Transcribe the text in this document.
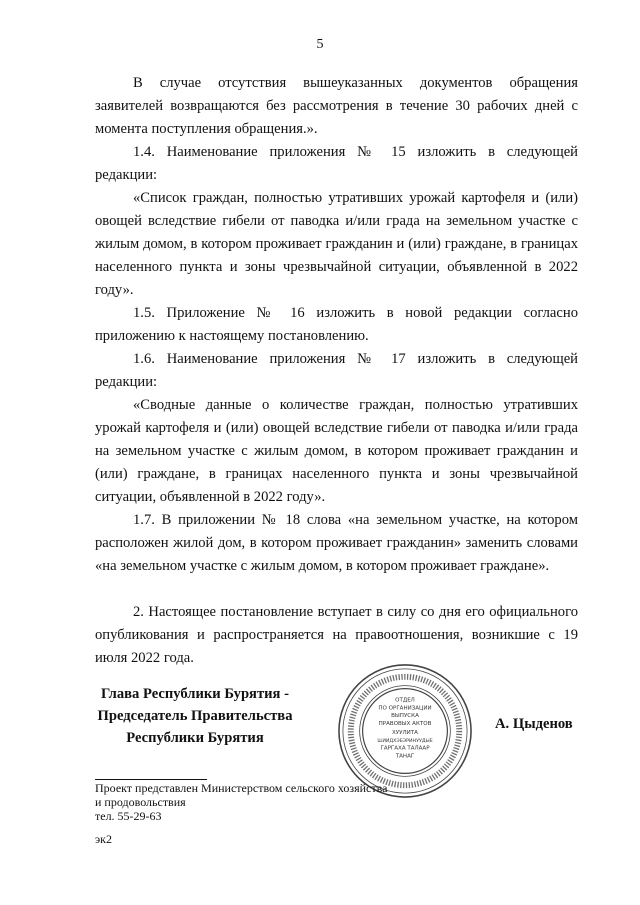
5

В случае отсутствия вышеуказанных документов обращения заявителей возвращаются без рассмотрения в течение 30 рабочих дней с момента поступления обращения.».

1.4. Наименование приложения № 15 изложить в следующей редакции:

«Список граждан, полностью утративших урожай картофеля и (или) овощей вследствие гибели от паводка и/или града на земельном участке с жилым домом, в котором проживает гражданин и (или) граждане, в границах населенного пункта и зоны чрезвычайной ситуации, объявленной в 2022 году».

1.5. Приложение № 16 изложить в новой редакции согласно приложению к настоящему постановлению.

1.6. Наименование приложения № 17 изложить в следующей редакции:

«Сводные данные о количестве граждан, полностью утративших урожай картофеля и (или) овощей вследствие гибели от паводка и/или града на земельном участке с жилым домом, в котором проживает гражданин и (или) граждане, в границах населенного пункта и зоны чрезвычайной ситуации, объявленной в 2022 году».

1.7. В приложении № 18 слова «на земельном участке, на котором расположен жилой дом, в котором проживает гражданин» заменить словами «на земельном участке с жилым домом, в котором проживает граждане».

2. Настоящее постановление вступает в силу со дня его официального опубликования и распространяется на правоотношения, возникшие с 19 июля 2022 года.

Глава Республики Бурятия -
Председатель Правительства
Республики Бурятия
ОТДЕЛ
ПО ОРГАНИЗАЦИИ
ВЫПУСКА
ПРАВОВЫХ АКТОВ
ХУУЛИТА
ШИИДХЭБЭРИНУУДЫЕ
ГАРГАХА ТАЛААР
ТАНАГ
А. Цыденов
Проект представлен Министерством сельского хозяйства
и продовольствия
тел. 55-29-63
эк2
